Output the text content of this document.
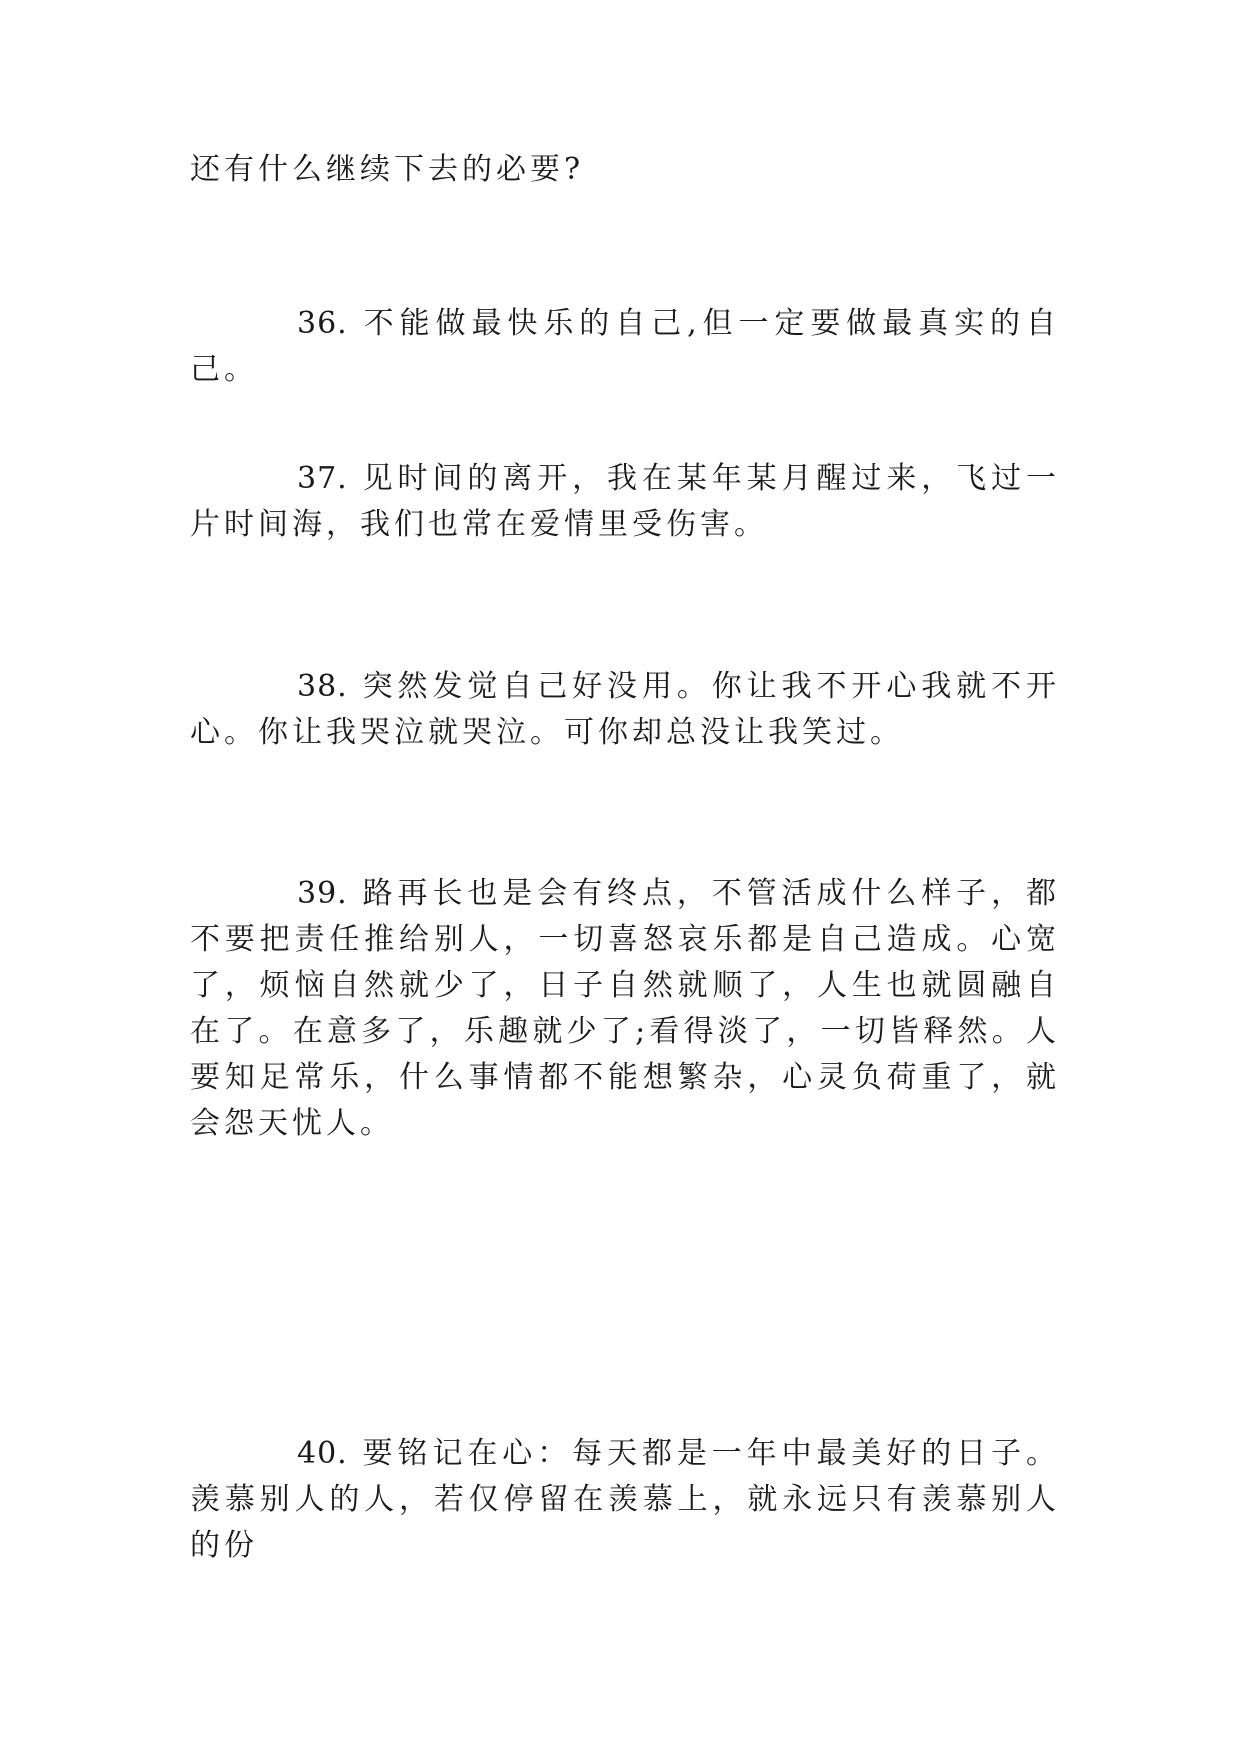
还有什么继续下去的必要?

36. 不能做最快乐的自己,但一定要做最真实的自己。

37. 见时间的离开，我在某年某月醒过来，飞过一片时间海，我们也常在爱情里受伤害。

38. 突然发觉自己好没用。你让我不开心我就不开心。你让我哭泣就哭泣。可你却总没让我笑过。

39. 路再长也是会有终点，不管活成什么样子，都不要把责任推给别人，一切喜怒哀乐都是自己造成。心宽了，烦恼自然就少了，日子自然就顺了，人生也就圆融自在了。在意多了，乐趣就少了;看得淡了，一切皆释然。人要知足常乐，什么事情都不能想繁杂，心灵负荷重了，就会怨天忧人。

40. 要铭记在心：每天都是一年中最美好的日子。羡慕别人的人，若仅停留在羡慕上，就永远只有羡慕别人的份
